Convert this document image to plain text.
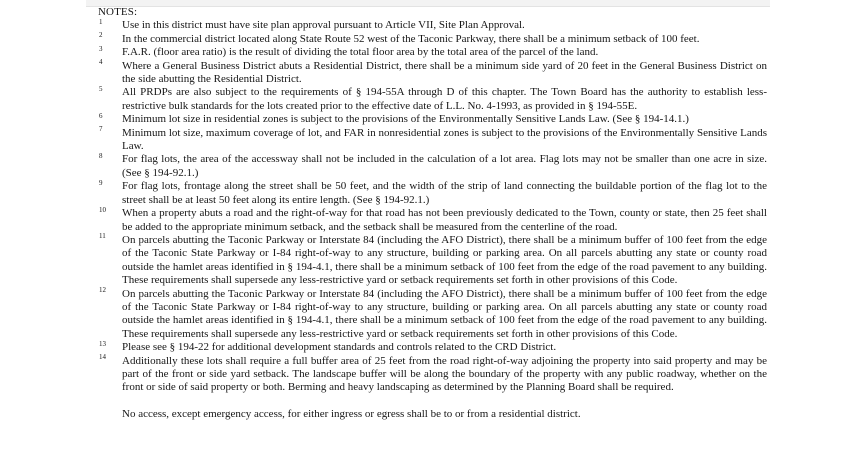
NOTES:
1 Use in this district must have site plan approval pursuant to Article VII, Site Plan Approval.
2 In the commercial district located along State Route 52 west of the Taconic Parkway, there shall be a minimum setback of 100 feet.
3 F.A.R. (floor area ratio) is the result of dividing the total floor area by the total area of the parcel of the land.
4 Where a General Business District abuts a Residential District, there shall be a minimum side yard of 20 feet in the General Business District on the side abutting the Residential District.
5 All PRDPs are also subject to the requirements of § 194-55A through D of this chapter. The Town Board has the authority to establish less-restrictive bulk standards for the lots created prior to the effective date of L.L. No. 4-1993, as provided in § 194-55E.
6 Minimum lot size in residential zones is subject to the provisions of the Environmentally Sensitive Lands Law. (See § 194-14.1.)
7 Minimum lot size, maximum coverage of lot, and FAR in nonresidential zones is subject to the provisions of the Environmentally Sensitive Lands Law.
8 For flag lots, the area of the accessway shall not be included in the calculation of a lot area. Flag lots may not be smaller than one acre in size. (See § 194-92.1.)
9 For flag lots, frontage along the street shall be 50 feet, and the width of the strip of land connecting the buildable portion of the flag lot to the street shall be at least 50 feet along its entire length. (See § 194-92.1.)
10 When a property abuts a road and the right-of-way for that road has not been previously dedicated to the Town, county or state, then 25 feet shall be added to the appropriate minimum setback, and the setback shall be measured from the centerline of the road.
11 On parcels abutting the Taconic Parkway or Interstate 84 (including the AFO District), there shall be a minimum buffer of 100 feet from the edge of the Taconic State Parkway or I-84 right-of-way to any structure, building or parking area. On all parcels abutting any state or county road outside the hamlet areas identified in § 194-4.1, there shall be a minimum setback of 100 feet from the edge of the road pavement to any building. These requirements shall supersede any less-restrictive yard or setback requirements set forth in other provisions of this Code.
12 On parcels abutting the Taconic Parkway or Interstate 84 (including the AFO District), there shall be a minimum buffer of 100 feet from the edge of the Taconic State Parkway or I-84 right-of-way to any structure, building or parking area. On all parcels abutting any state or county road outside the hamlet areas identified in § 194-4.1, there shall be a minimum setback of 100 feet from the edge of the road pavement to any building. These requirements shall supersede any less-restrictive yard or setback requirements set forth in other provisions of this Code.
13 Please see § 194-22 for additional development standards and controls related to the CRD District.
14 Additionally these lots shall require a full buffer area of 25 feet from the road right-of-way adjoining the property into said property and may be part of the front or side yard setback. The landscape buffer will be along the boundary of the property with any public roadway, whether on the front or side of said property or both. Berming and heavy landscaping as determined by the Planning Board shall be required.
No access, except emergency access, for either ingress or egress shall be to or from a residential district.
